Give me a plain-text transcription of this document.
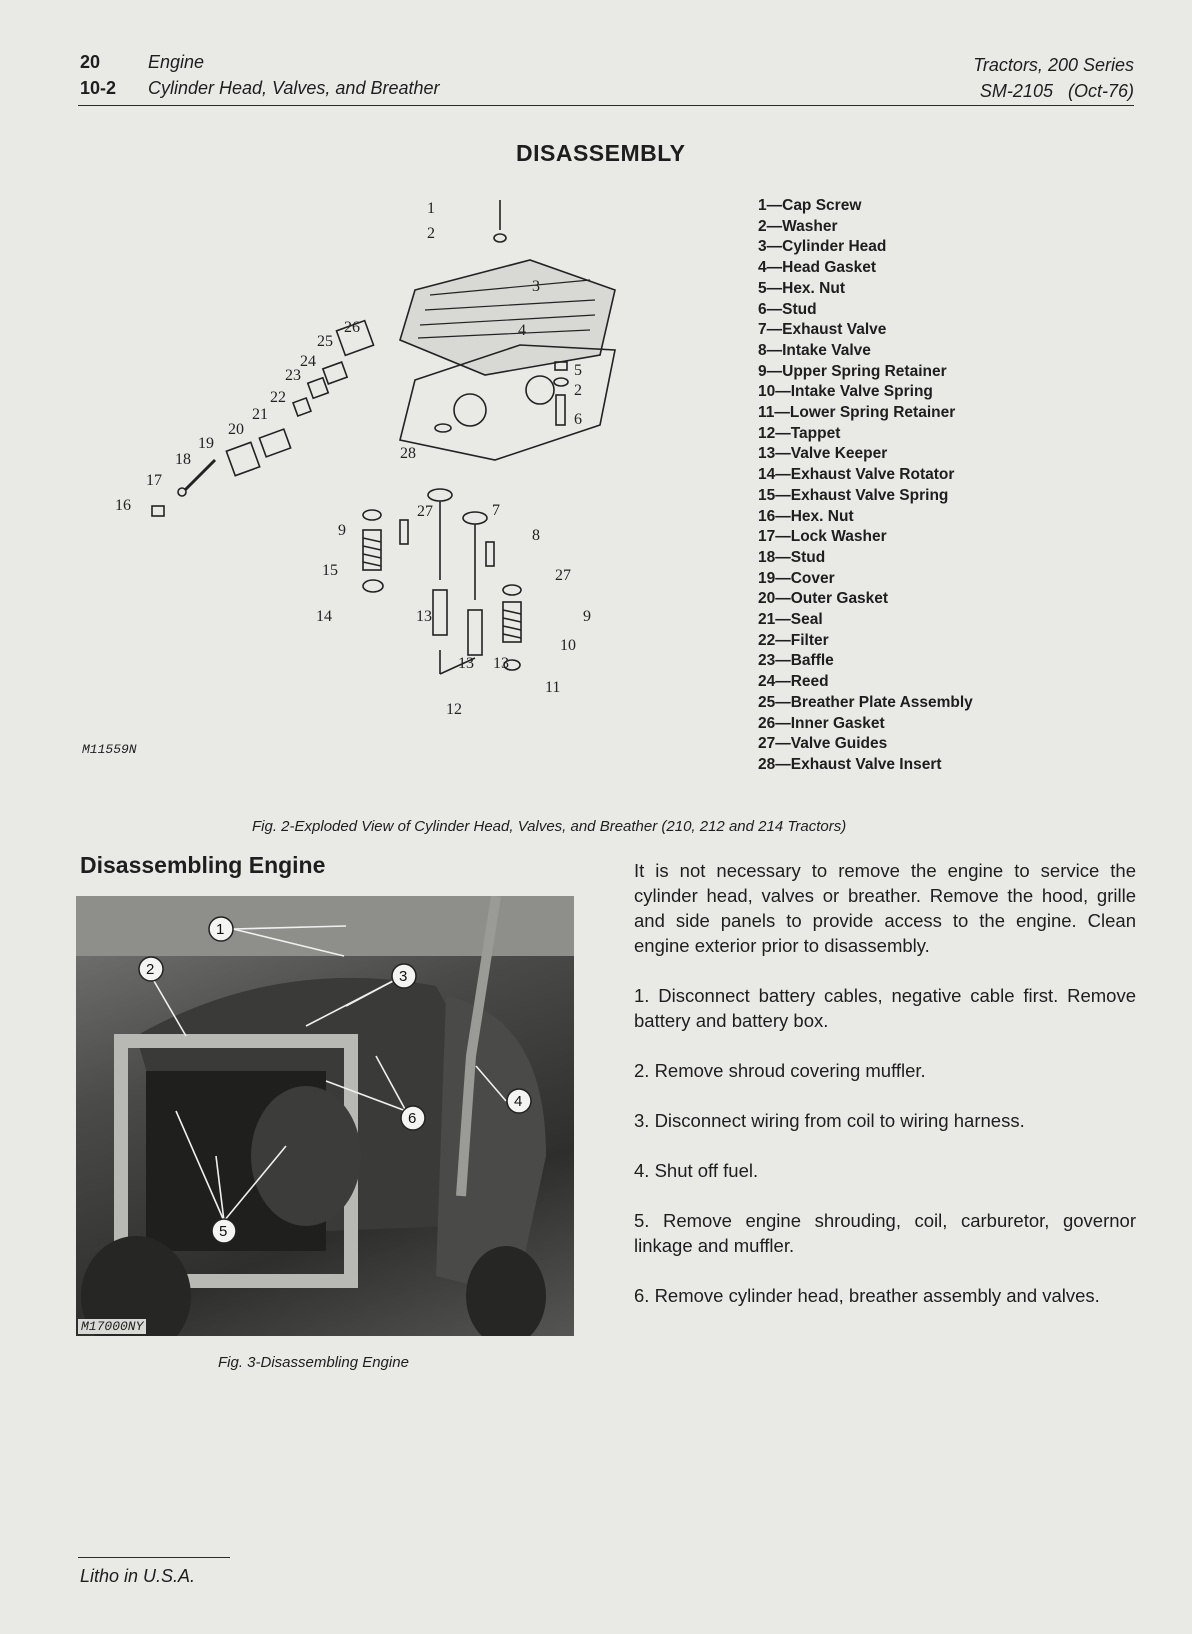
20	Engine
10-2 Cylinder Head, Valves, and Breather
Tractors, 200 Series
SM-2105 (Oct-76)
DISASSEMBLY
1
2
3
4
5
2
6
26
25
24
23
22
21
20
19
18
17
16
28
27	7
9	8
15	27
14	13	9
13 13
10
11
12
M11559N
1—Cap Screw
2—Washer
3—Cylinder Head
4—Head Gasket
5—Hex. Nut
6—Stud
7—Exhaust Valve
8—Intake Valve
9—Upper Spring Retainer
10—Intake Valve Spring
11—Lower Spring Retainer
12—Tappet
13—Valve Keeper
14—Exhaust Valve Rotator
15—Exhaust Valve Spring
16—Hex. Nut
17—Lock Washer
18—Stud
19—Cover
20—Outer Gasket
21—Seal
22—Filter
23—Baffle
24—Reed
25—Breather Plate Assembly
26—Inner Gasket
27—Valve Guides
28—Exhaust Valve Insert
Fig. 2-Exploded View of Cylinder Head, Valves, and Breather (210, 212 and 214 Tractors)
Disassembling Engine
1
2	3
4
5
6
M17000NY
Fig. 3-Disassembling Engine

It is not necessary to remove the engine to service the cylinder head, valves or breather. Remove the hood, grille and side panels to provide access to the engine. Clean engine exterior prior to disassembly.

1. Disconnect battery cables, negative cable first. Remove battery and battery box.

2. Remove shroud covering muffler.

3. Disconnect wiring from coil to wiring harness.

4. Shut off fuel.

5. Remove engine shrouding, coil, carburetor, governor linkage and muffler.

6. Remove cylinder head, breather assembly and valves.

Litho in U.S.A.
